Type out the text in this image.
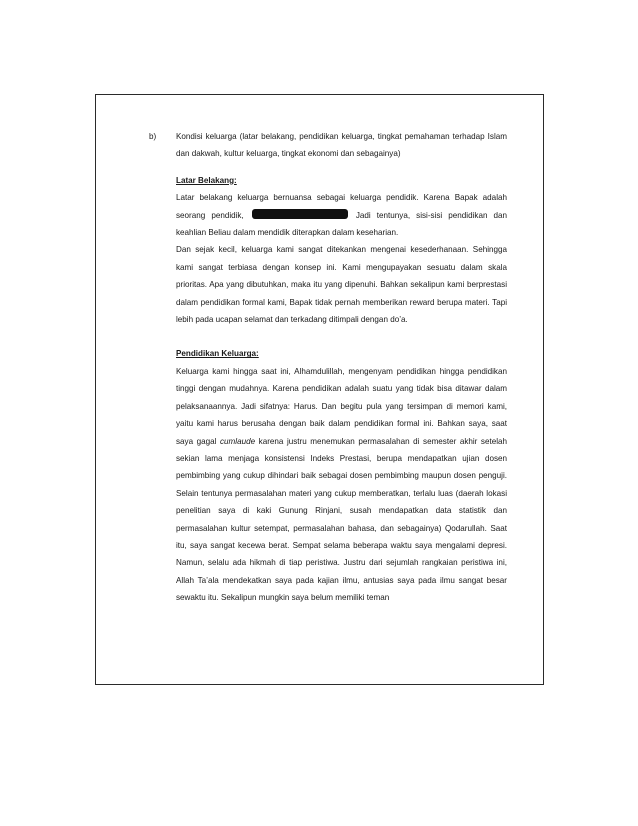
b) Kondisi keluarga (latar belakang, pendidikan keluarga, tingkat pemahaman terhadap Islam dan dakwah, kultur keluarga, tingkat ekonomi dan sebagainya)
Latar Belakang:
Latar belakang keluarga bernuansa sebagai keluarga pendidik. Karena Bapak adalah seorang pendidik,	Jadi tentunya, sisi-sisi pendidikan dan keahlian Beliau dalam mendidik diterapkan dalam keseharian.
Dan sejak kecil, keluarga kami sangat ditekankan mengenai kesederhanaan. Sehingga kami sangat terbiasa dengan konsep ini. Kami mengupayakan sesuatu dalam skala prioritas. Apa yang dibutuhkan, maka itu yang dipenuhi. Bahkan sekalipun kami berprestasi dalam pendidikan formal kami, Bapak tidak pernah memberikan reward berupa materi. Tapi lebih pada ucapan selamat dan terkadang ditimpali dengan do’a.
Pendidikan Keluarga:
Keluarga kami hingga saat ini, Alhamdulillah, mengenyam pendidikan hingga pendidikan tinggi dengan mudahnya. Karena pendidikan adalah suatu yang tidak bisa ditawar dalam pelaksanaannya. Jadi sifatnya: Harus. Dan begitu pula yang tersimpan di memori kami, yaitu kami harus berusaha dengan baik dalam pendidikan formal ini. Bahkan saya, saat saya gagal cumlaude karena justru menemukan permasalahan di semester akhir setelah sekian lama menjaga konsistensi Indeks Prestasi, berupa mendapatkan ujian dosen pembimbing yang cukup dihindari baik sebagai dosen pembimbing maupun dosen penguji. Selain tentunya permasalahan materi yang cukup memberatkan, terlalu luas (daerah lokasi penelitian saya di kaki Gunung Rinjani, susah mendapatkan data statistik dan permasalahan kultur setempat, permasalahan bahasa, dan sebagainya) Qodarullah. Saat itu, saya sangat kecewa berat. Sempat selama beberapa waktu saya mengalami depresi. Namun, selalu ada hikmah di tiap peristiwa. Justru dari sejumlah rangkaian peristiwa ini, Allah Ta’ala mendekatkan saya pada kajian ilmu, antusias saya pada ilmu sangat besar sewaktu itu. Sekalipun mungkin saya belum memiliki teman
